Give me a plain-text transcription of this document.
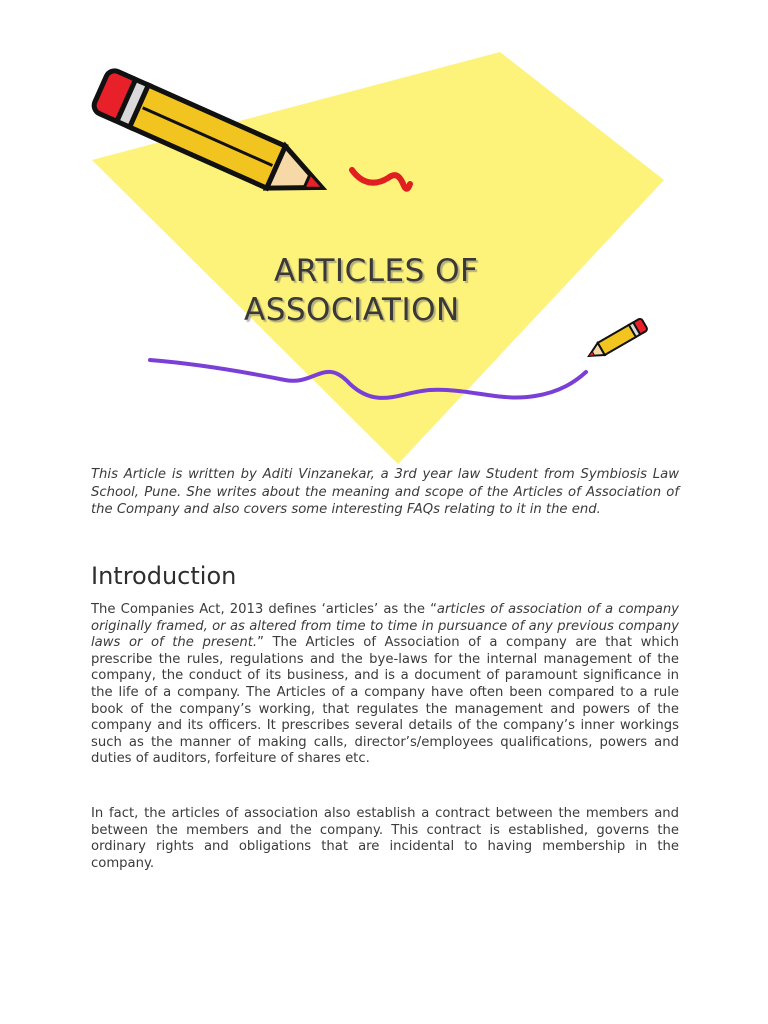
ARTICLES OF
ASSOCIATION

This Article is written by Aditi Vinzanekar, a 3rd year law Student from Symbiosis Law School, Pune. She writes about the meaning and scope of the Articles of Association of the Company and also covers some interesting FAQs relating to it in the end.

Introduction

The Companies Act, 2013 defines ‘articles’ as the “articles of association of a company originally framed, or as altered from time to time in pursuance of any previous company laws or of the present.” The Articles of Association of a company are that which prescribe the rules, regulations and the bye-laws for the internal management of the company, the conduct of its business, and is a document of paramount significance in the life of a company. The Articles of a company have often been compared to a rule book of the company’s working, that regulates the management and powers of the company and its officers. It prescribes several details of the company’s inner workings such as the manner of making calls, director’s/employees qualifications, powers and duties of auditors, forfeiture of shares etc.

In fact, the articles of association also establish a contract between the members and between the members and the company. This contract is established, governs the ordinary rights and obligations that are incidental to having membership in the company.
